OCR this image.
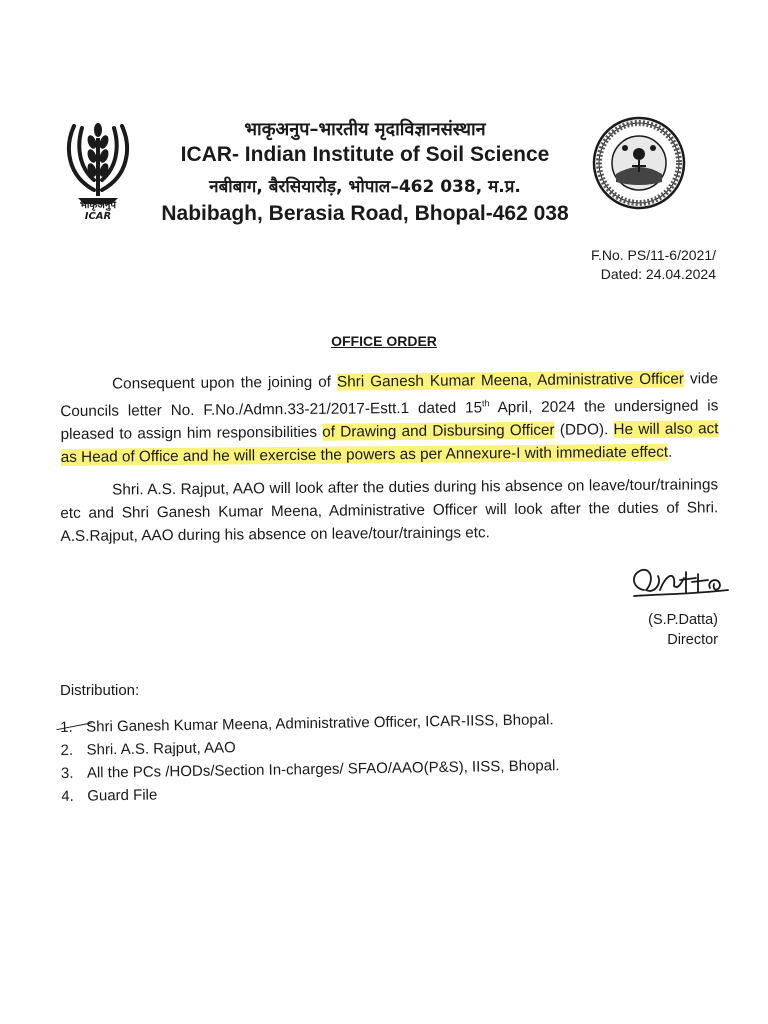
भाकृअनुप
ICAR
भाकृअनुप–भारतीय मृदाविज्ञानसंस्थान
ICAR- Indian Institute of Soil Science
नबीबाग, बैरसियारोड़, भोपाल–462 038, म.प्र.
Nabibagh, Berasia Road, Bhopal-462 038
F.No. PS/11-6/2021/
Dated: 24.04.2024
OFFICE ORDER

Consequent upon the joining of Shri Ganesh Kumar Meena, Administrative Officer vide Councils letter No. F.No./Admn.33-21/2017-Estt.1 dated 15th April, 2024 the undersigned is pleased to assign him responsibilities of Drawing and Disbursing Officer (DDO). He will also act as Head of Office and he will exercise the powers as per Annexure-I with immediate effect.

Shri. A.S. Rajput, AAO will look after the duties during his absence on leave/tour/trainings etc and Shri Ganesh Kumar Meena, Administrative Officer will look after the duties of Shri. A.S.Rajput, AAO during his absence on leave/tour/trainings etc.

(S.P.Datta)
Director
Distribution:
1. Shri Ganesh Kumar Meena, Administrative Officer, ICAR-IISS, Bhopal.
2. Shri. A.S. Rajput, AAO
3. All the PCs /HODs/Section In-charges/ SFAO/AAO(P&S), IISS, Bhopal.
4. Guard File
